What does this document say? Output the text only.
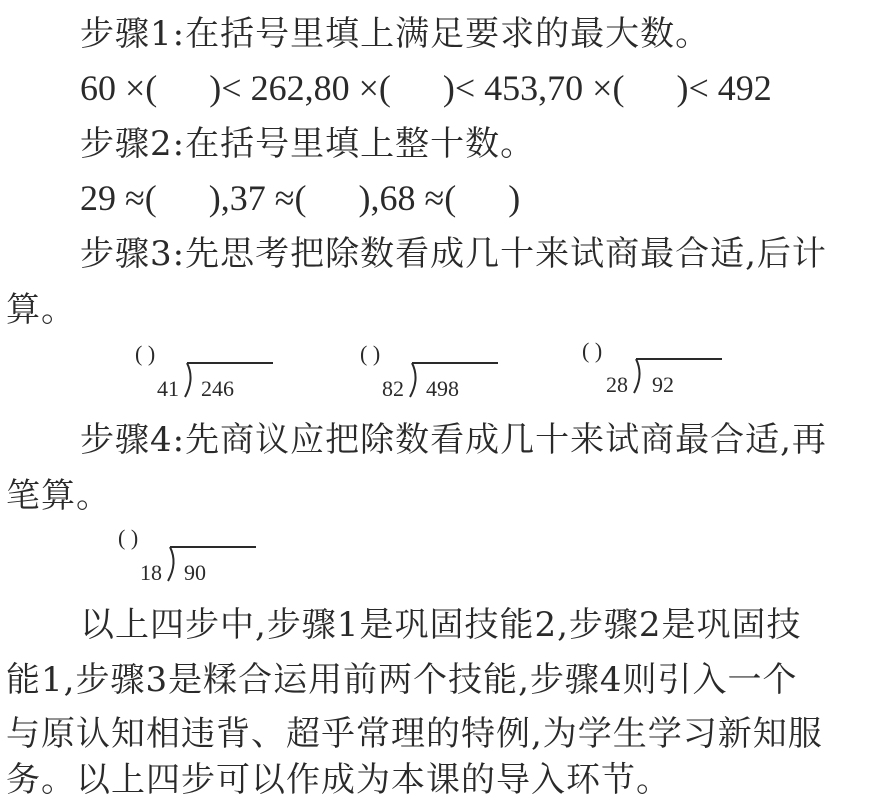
步骤1:在括号里填上满足要求的最大数。
60 ×( )< 262,80 ×( )< 453,70 ×( )< 492
步骤2:在括号里填上整十数。
29 ≈( ),37 ≈( ),68 ≈( )
步骤3:先思考把除数看成几十来试商最合适,后计
算。
( )
41 246
( )
82 498
( )
28 92
步骤4:先商议应把除数看成几十来试商最合适,再
笔算。
( )
18 90
以上四步中,步骤1是巩固技能2,步骤2是巩固技
能1,步骤3是糅合运用前两个技能,步骤4则引入一个
与原认知相违背、超乎常理的特例,为学生学习新知服
务。以上四步可以作成为本课的导入环节。
